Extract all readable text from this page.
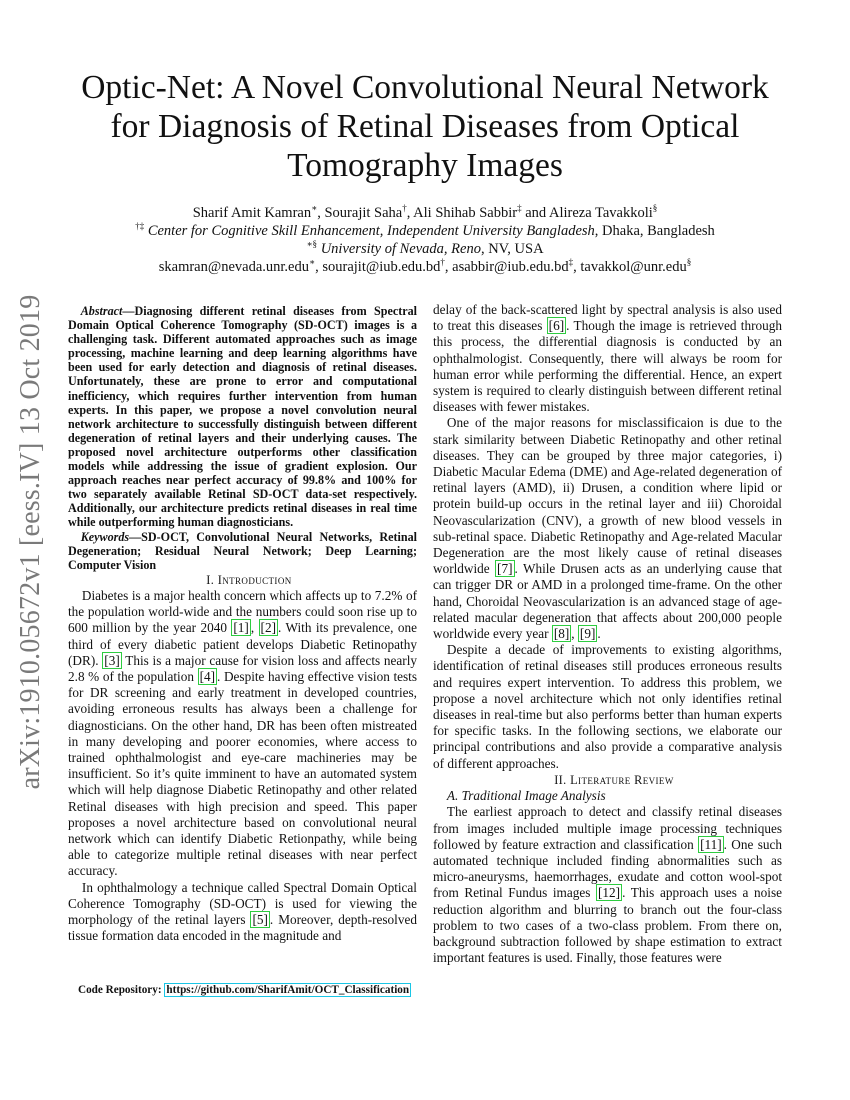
arXiv:1910.05672v1 [eess.IV] 13 Oct 2019
Optic-Net: A Novel Convolutional Neural Network for Diagnosis of Retinal Diseases from Optical Tomography Images
Sharif Amit Kamran∗, Sourajit Saha†, Ali Shihab Sabbir‡ and Alireza Tavakkoli§
†‡ Center for Cognitive Skill Enhancement, Independent University Bangladesh, Dhaka, Bangladesh
∗§ University of Nevada, Reno, NV, USA
skamran@nevada.unr.edu∗, sourajit@iub.edu.bd†, asabbir@iub.edu.bd‡, tavakkol@unr.edu§

Abstract—Diagnosing different retinal diseases from Spectral Domain Optical Coherence Tomography (SD-OCT) images is a challenging task. Different automated approaches such as image processing, machine learning and deep learning algorithms have been used for early detection and diagnosis of retinal diseases. Unfortunately, these are prone to error and computational inefficiency, which requires further intervention from human experts. In this paper, we propose a novel convolution neural network architecture to successfully distinguish between different degeneration of retinal layers and their underlying causes. The proposed novel architecture outperforms other classification models while addressing the issue of gradient explosion. Our approach reaches near perfect accuracy of 99.8% and 100% for two separately available Retinal SD-OCT data-set respectively. Additionally, our architecture predicts retinal diseases in real time while outperforming human diagnosticians.

Keywords—SD-OCT, Convolutional Neural Networks, Retinal Degeneration; Residual Neural Network; Deep Learning; Computer Vision

I. Introduction

Diabetes is a major health concern which affects up to 7.2% of the population world-wide and the numbers could soon rise up to 600 million by the year 2040 [1] , [2] . With its prevalence, one third of every diabetic patient develops Diabetic Retinopathy (DR). [3] This is a major cause for vision loss and affects nearly 2.8 % of the population [4] . Despite having effective vision tests for DR screening and early treatment in developed countries, avoiding erroneous results has always been a challenge for diagnosticians. On the other hand, DR has been often mistreated in many developing and poorer economies, where access to trained ophthalmologist and eye-care machineries may be insufficient. So it’s quite imminent to have an automated system which will help diagnose Diabetic Retinopathy and other related Retinal diseases with high precision and speed. This paper proposes a novel architecture based on convolutional neural network which can identify Diabetic Retionpathy, while being able to categorize multiple retinal diseases with near perfect accuracy.

In ophthalmology a technique called Spectral Domain Optical Coherence Tomography (SD-OCT) is used for viewing the morphology of the retinal layers [5] . Moreover, depth-resolved tissue formation data encoded in the magnitude and

Code Repository: https://github.com/SharifAmit/OCT_Classification

delay of the back-scattered light by spectral analysis is also used to treat this diseases [6] . Though the image is retrieved through this process, the differential diagnosis is conducted by an ophthalmologist. Consequently, there will always be room for human error while performing the differential. Hence, an expert system is required to clearly distinguish between different retinal diseases with fewer mistakes.

One of the major reasons for misclassificaion is due to the stark similarity between Diabetic Retinopathy and other retinal diseases. They can be grouped by three major categories, i) Diabetic Macular Edema (DME) and Age-related degeneration of retinal layers (AMD), ii) Drusen, a condition where lipid or protein build-up occurs in the retinal layer and iii) Choroidal Neovascularization (CNV), a growth of new blood vessels in sub-retinal space. Diabetic Retinopathy and Age-related Macular Degeneration are the most likely cause of retinal diseases worldwide [7] . While Drusen acts as an underlying cause that can trigger DR or AMD in a prolonged time-frame. On the other hand, Choroidal Neovascularization is an advanced stage of age-related macular degeneration that affects about 200,000 people worldwide every year [8] , [9] .

Despite a decade of improvements to existing algorithms, identification of retinal diseases still produces erroneous results and requires expert intervention. To address this problem, we propose a novel architecture which not only identifies retinal diseases in real-time but also performs better than human experts for specific tasks. In the following sections, we elaborate our principal contributions and also provide a comparative analysis of different approaches.

II. Literature Review

A. Traditional Image Analysis

The earliest approach to detect and classify retinal diseases from images included multiple image processing techniques followed by feature extraction and classification [11] . One such automated technique included finding abnormalities such as micro-aneurysms, haemorrhages, exudate and cotton wool-spot from Retinal Fundus images [12] . This approach uses a noise reduction algorithm and blurring to branch out the four-class problem to two cases of a two-class problem. From there on, background subtraction followed by shape estimation to extract important features is used. Finally, those features were
